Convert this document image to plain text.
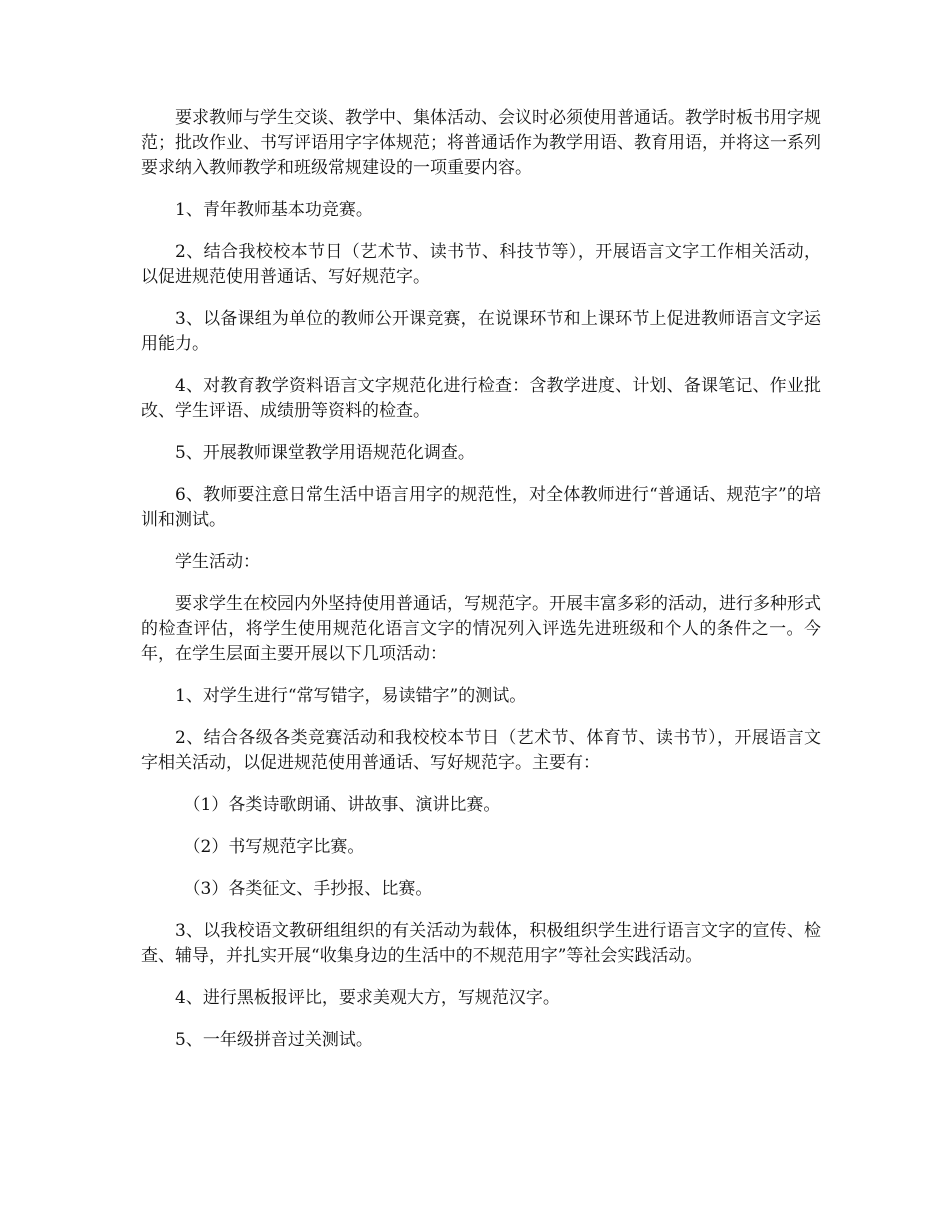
要求教师与学生交谈、教学中、集体活动、会议时必须使用普通话。教学时板书用字规范；批改作业、书写评语用字字体规范；将普通话作为教学用语、教育用语，并将这一系列要求纳入教师教学和班级常规建设的一项重要内容。

1、青年教师基本功竞赛。

2、结合我校校本节日（艺术节、读书节、科技节等），开展语言文字工作相关活动，以促进规范使用普通话、写好规范字。

3、以备课组为单位的教师公开课竞赛，在说课环节和上课环节上促进教师语言文字运用能力。

4、对教育教学资料语言文字规范化进行检查：含教学进度、计划、备课笔记、作业批改、学生评语、成绩册等资料的检查。

5、开展教师课堂教学用语规范化调查。

6、教师要注意日常生活中语言用字的规范性，对全体教师进行“普通话、规范字”的培训和测试。

学生活动：

要求学生在校园内外坚持使用普通话，写规范字。开展丰富多彩的活动，进行多种形式的检查评估，将学生使用规范化语言文字的情况列入评选先进班级和个人的条件之一。今年，在学生层面主要开展以下几项活动：

1、对学生进行“常写错字，易读错字”的测试。

2、结合各级各类竞赛活动和我校校本节日（艺术节、体育节、读书节），开展语言文字相关活动，以促进规范使用普通话、写好规范字。主要有：

（1）各类诗歌朗诵、讲故事、演讲比赛。

（2）书写规范字比赛。

（3）各类征文、手抄报、比赛。

3、以我校语文教研组组织的有关活动为载体，积极组织学生进行语言文字的宣传、检查、辅导，并扎实开展“收集身边的生活中的不规范用字”等社会实践活动。

4、进行黑板报评比，要求美观大方，写规范汉字。

5、一年级拼音过关测试。
